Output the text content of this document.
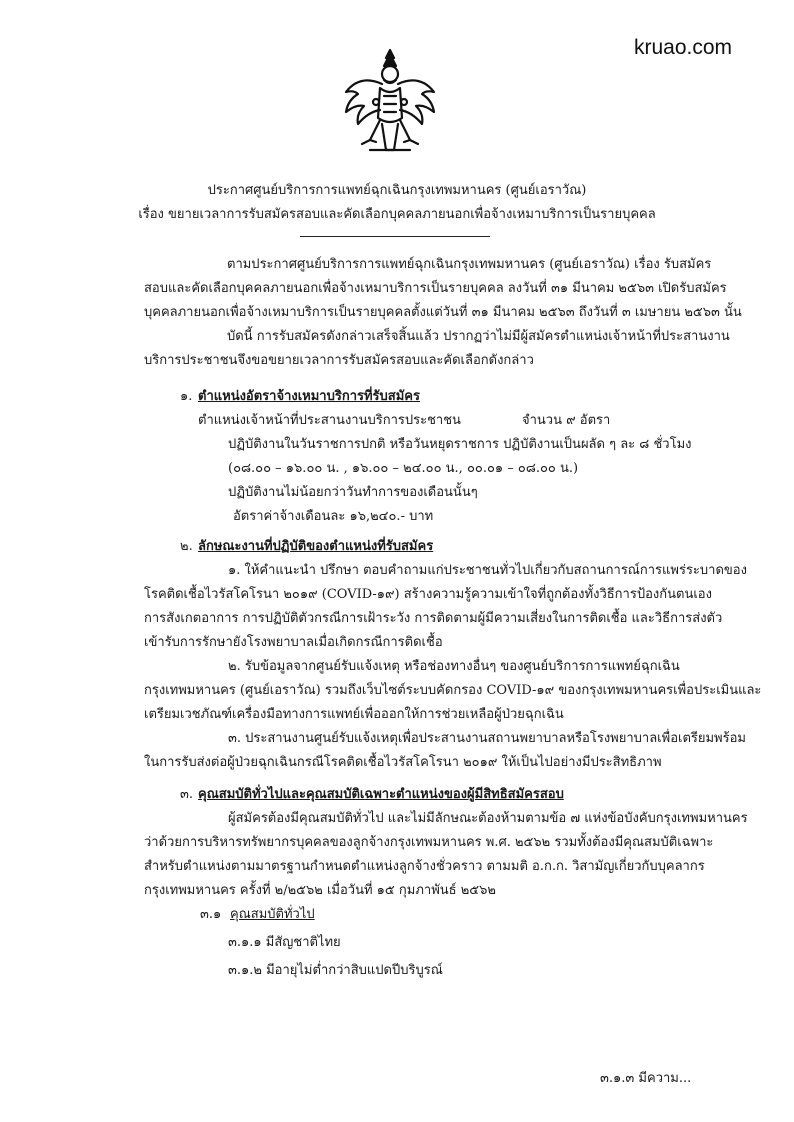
kruao.com
ประกาศศูนย์บริการการแพทย์ฉุกเฉินกรุงเทพมหานคร (ศูนย์เอราวัณ)
เรื่อง ขยายเวลาการรับสมัครสอบและคัดเลือกบุคคลภายนอกเพื่อจ้างเหมาบริการเป็นรายบุคคล
ตามประกาศศูนย์บริการการแพทย์ฉุกเฉินกรุงเทพมหานคร (ศูนย์เอราวัณ) เรื่อง รับสมัคร
สอบและคัดเลือกบุคคลภายนอกเพื่อจ้างเหมาบริการเป็นรายบุคคล ลงวันที่ ๓๑ มีนาคม ๒๕๖๓ เปิดรับสมัคร
บุคคลภายนอกเพื่อจ้างเหมาบริการเป็นรายบุคคลตั้งแต่วันที่ ๓๑ มีนาคม ๒๕๖๓ ถึงวันที่ ๓ เมษายน ๒๕๖๓ นั้น
บัดนี้ การรับสมัครดังกล่าวเสร็จสิ้นแล้ว ปรากฏว่าไม่มีผู้สมัครตำแหน่งเจ้าหน้าที่ประสานงาน
บริการประชาชนจึงขอขยายเวลาการรับสมัครสอบและคัดเลือกดังกล่าว
๑. ตำแหน่งอัตราจ้างเหมาบริการที่รับสมัคร
ตำแหน่งเจ้าหน้าที่ประสานงานบริการประชาชน	จำนวน ๙ อัตรา
ปฏิบัติงานในวันราชการปกติ หรือวันหยุดราชการ ปฏิบัติงานเป็นผลัด ๆ ละ ๘ ชั่วโมง
(๐๘.๐๐ – ๑๖.๐๐ น. , ๑๖.๐๐ – ๒๔.๐๐ น., ๐๐.๐๑ – ๐๘.๐๐ น.)
ปฏิบัติงานไม่น้อยกว่าวันทำการของเดือนนั้นๆ
อัตราค่าจ้างเดือนละ ๑๖,๒๔๐.- บาท
๒. ลักษณะงานที่ปฏิบัติของตำแหน่งที่รับสมัคร
๑. ให้คำแนะนำ ปรึกษา ตอบคำถามแก่ประชาชนทั่วไปเกี่ยวกับสถานการณ์การแพร่ระบาดของ
โรคติดเชื้อไวรัสโคโรนา ๒๐๑๙ (COVID-๑๙) สร้างความรู้ความเข้าใจที่ถูกต้องทั้งวิธีการป้องกันตนเอง
การสังเกตอาการ การปฏิบัติตัวกรณีการเฝ้าระวัง การติดตามผู้มีความเสี่ยงในการติดเชื้อ และวิธีการส่งตัว
เข้ารับการรักษายังโรงพยาบาลเมื่อเกิดกรณีการติดเชื้อ
๒. รับข้อมูลจากศูนย์รับแจ้งเหตุ หรือช่องทางอื่นๆ ของศูนย์บริการการแพทย์ฉุกเฉิน
กรุงเทพมหานคร (ศูนย์เอราวัณ) รวมถึงเว็บไซต์ระบบคัดกรอง COVID-๑๙ ของกรุงเทพมหานครเพื่อประเมินและ
เตรียมเวชภัณฑ์เครื่องมือทางการแพทย์เพื่อออกให้การช่วยเหลือผู้ป่วยฉุกเฉิน
๓. ประสานงานศูนย์รับแจ้งเหตุเพื่อประสานงานสถานพยาบาลหรือโรงพยาบาลเพื่อเตรียมพร้อม
ในการรับส่งต่อผู้ป่วยฉุกเฉินกรณีโรคติดเชื้อไวรัสโคโรนา ๒๐๑๙ ให้เป็นไปอย่างมีประสิทธิภาพ
๓. คุณสมบัติทั่วไปและคุณสมบัติเฉพาะตำแหน่งของผู้มีสิทธิสมัครสอบ
ผู้สมัครต้องมีคุณสมบัติทั่วไป และไม่มีลักษณะต้องห้ามตามข้อ ๗ แห่งข้อบังคับกรุงเทพมหานคร
ว่าด้วยการบริหารทรัพยากรบุคคลของลูกจ้างกรุงเทพมหานคร พ.ศ. ๒๕๖๒ รวมทั้งต้องมีคุณสมบัติเฉพาะ
สำหรับตำแหน่งตามมาตรฐานกำหนดตำแหน่งลูกจ้างชั่วคราว ตามมติ อ.ก.ก. วิสามัญเกี่ยวกับบุคลากร
กรุงเทพมหานคร ครั้งที่ ๒/๒๕๖๒ เมื่อวันที่ ๑๕ กุมภาพันธ์ ๒๕๖๒
๓.๑ คุณสมบัติทั่วไป
๓.๑.๑ มีสัญชาติไทย
๓.๑.๒ มีอายุไม่ต่ำกว่าสิบแปดปีบริบูรณ์
๓.๑.๓ มีความ...
